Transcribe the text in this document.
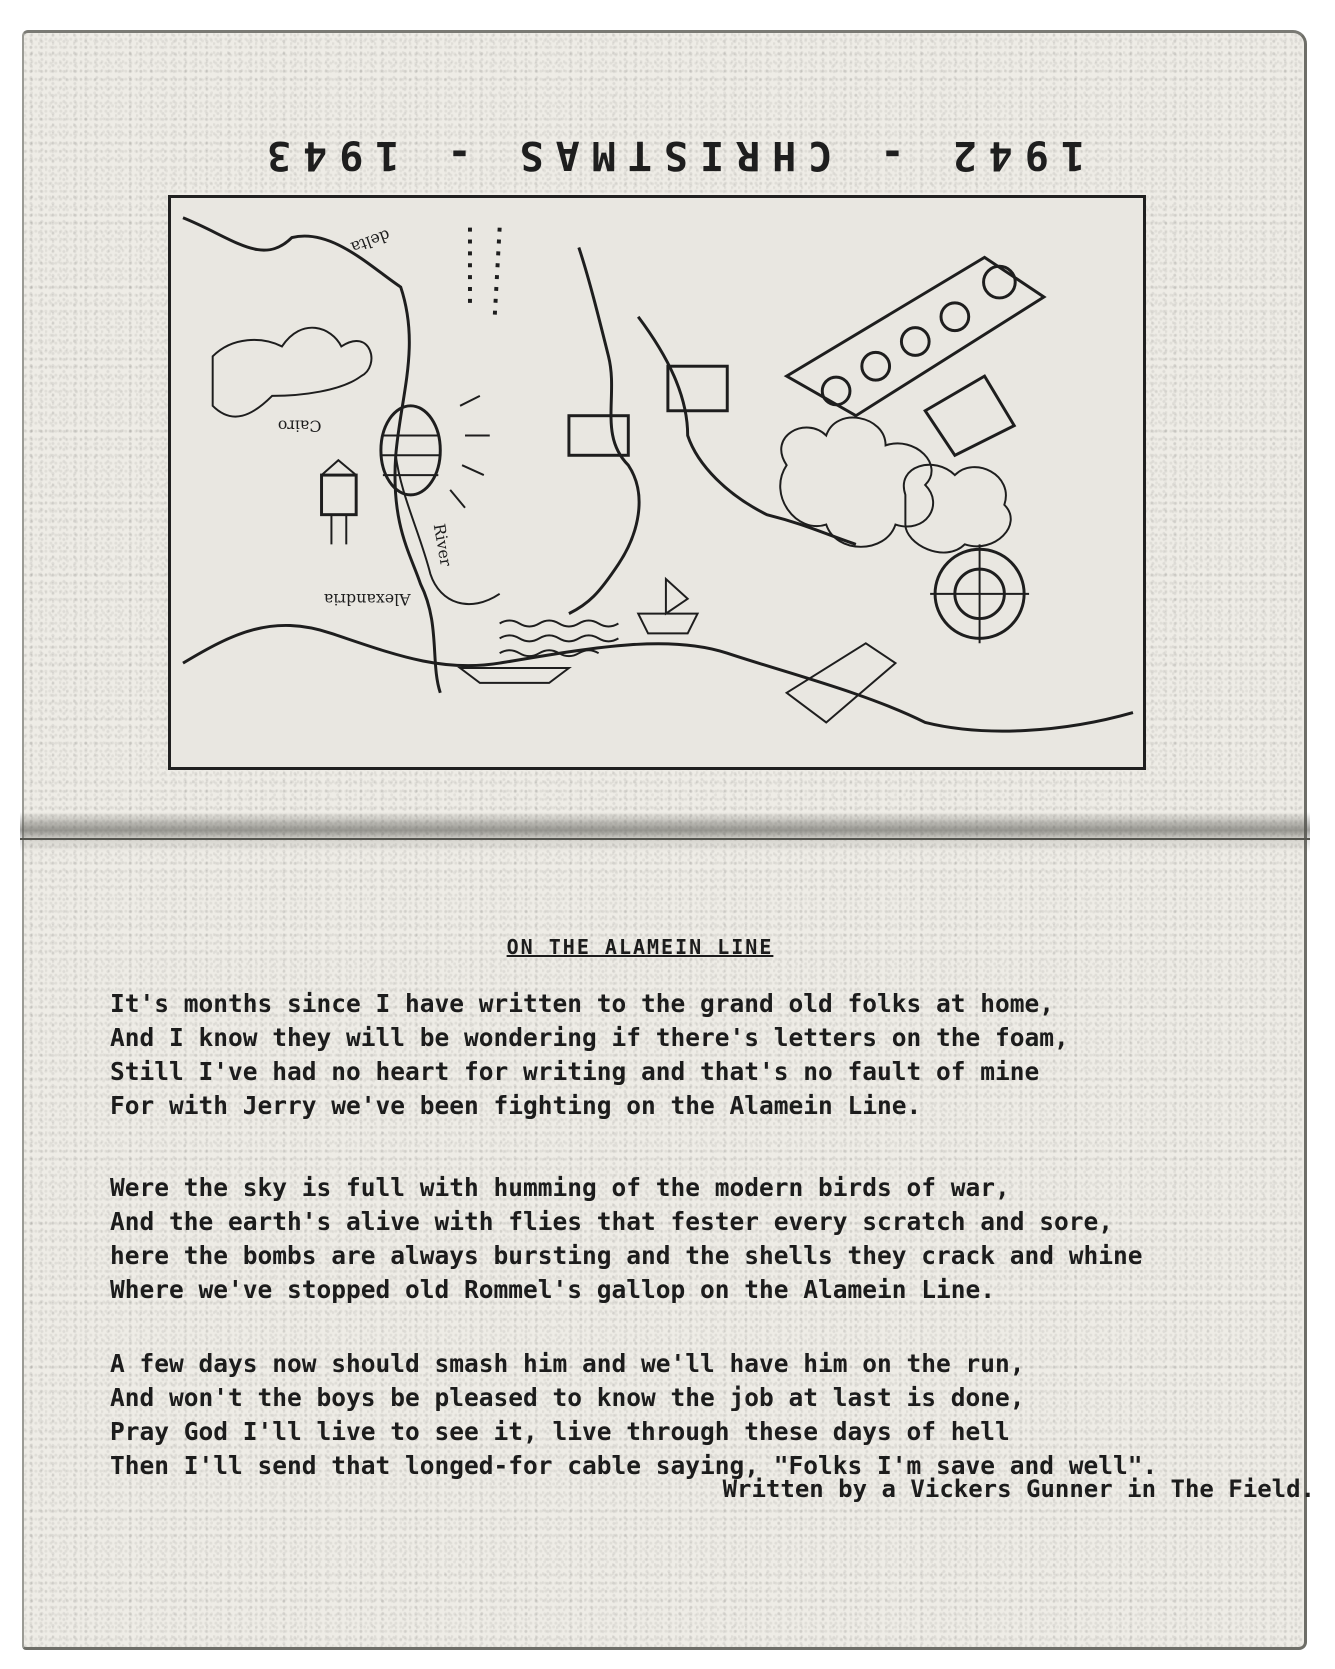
1942 - CHRISTMAS - 1943
Cairo
River
Alexandria
delta
ON THE ALAMEIN LINE
It's months since I have written to the grand old folks at home,
And I know they will be wondering if there's letters on the foam,
Still I've had no heart for writing and that's no fault of mine
For with Jerry we've been fighting on the Alamein Line.
Were the sky is full with humming of the modern birds of war,
And the earth's alive with flies that fester every scratch and sore,
here the bombs are always bursting and the shells they crack and whine
Where we've stopped old Rommel's gallop on the Alamein Line.
A few days now should smash him and we'll have him on the run,
And won't the boys be pleased to know the job at last is done,
Pray God I'll live to see it, live through these days of hell
Then I'll send that longed-for cable saying, "Folks I'm save and well".
Written by a Vickers Gunner in The Field.
